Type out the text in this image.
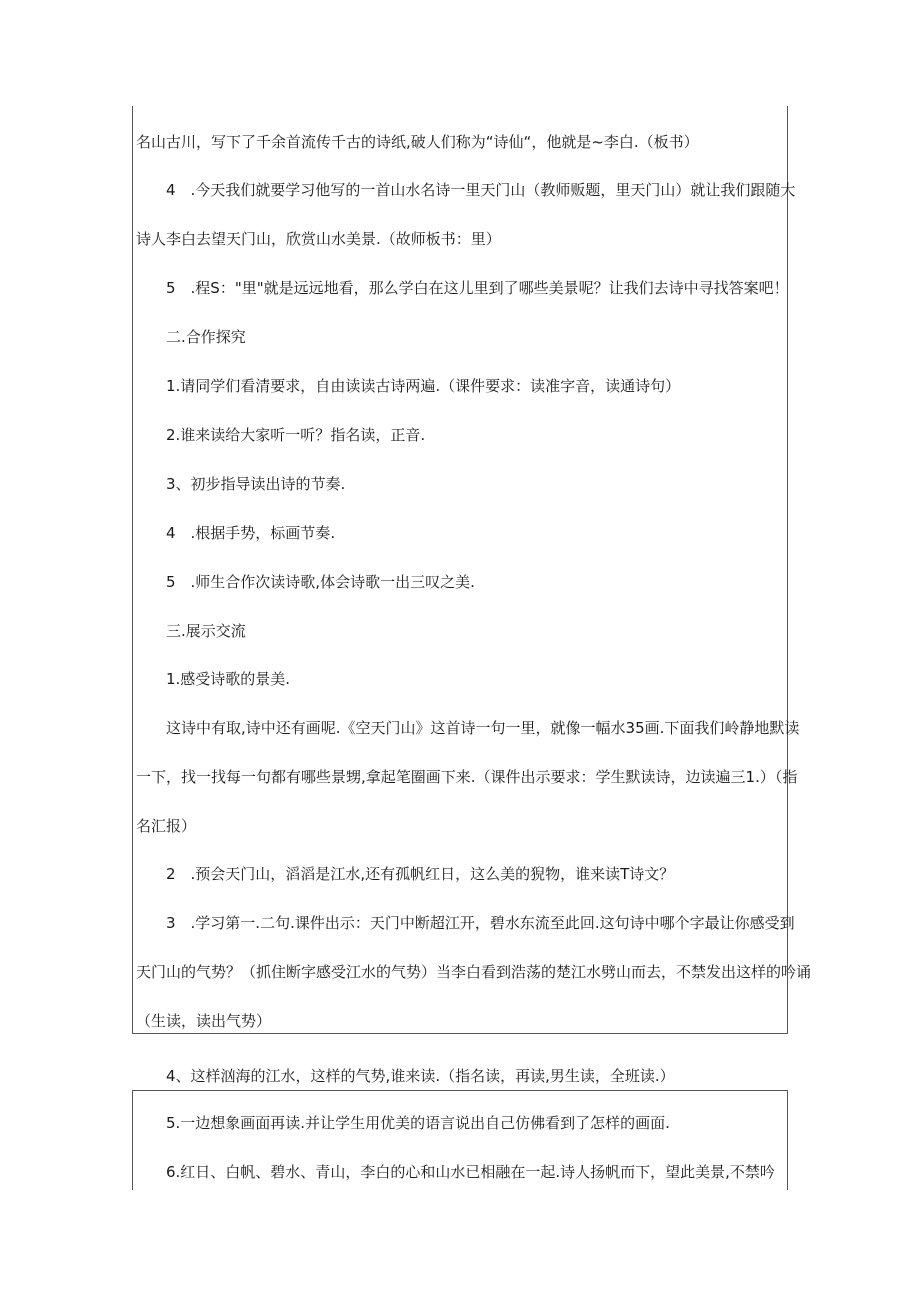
名山古川，写下了千余首流传千古的诗纸,破人们称为“诗仙“，他就是~李白.（板书）
4　.今天我们就要学习他写的一首山水名诗一里天门山（教师贩题，里天门山）就让我们跟随大
诗人李白去望天门山，欣赏山水美景.（故师板书：里）
5　.程S："里"就是远远地看，那么学白在这儿里到了哪些美景呢？让我们去诗中寻找答案吧！
二.合作探究
1.请同学们看清要求，自由读读古诗两遍.（课件要求：读准字音，读通诗句）
2.谁来读给大家听一听？指名读，正音.
3、初步指导读出诗的节奏.
4　.根据手势，标画节奏.
5　.师生合作次读诗歌,体会诗歌一出三叹之美.
三.展示交流
1.感受诗歌的景美.
这诗中有取,诗中还有画呢.《空天门山》这首诗一句一里，就像一幅水35画.下面我们岭静地默读
一下，找一找每一句都有哪些景甥,拿起笔圈画下来.（课件出示要求：学生默读诗，边读遍三1.）（指
名汇报）
2　.预会天门山，滔滔是江水,还有孤帆红日，这么美的猊物，谁来读T诗文？
3　.学习第一.二句.课件出示：天门中断超江开，碧水东流至此回.这句诗中哪个字最让你感受到
天门山的气势？（抓住断字感受江水的气势）当李白看到浩荡的楚江水劈山而去，不禁发出这样的吟诵
（生读，读出气势）
4、这样汹海的江水，这样的气势,谁来读.（指名读，再读,男生读，全班读.）
5.一边想象画面再读.并让学生用优美的语言说出自己仿佛看到了怎样的画面.
6.红日、白帆、碧水、青山，李白的心和山水已相融在一起.诗人扬帆而下，望此美景,不禁吟
